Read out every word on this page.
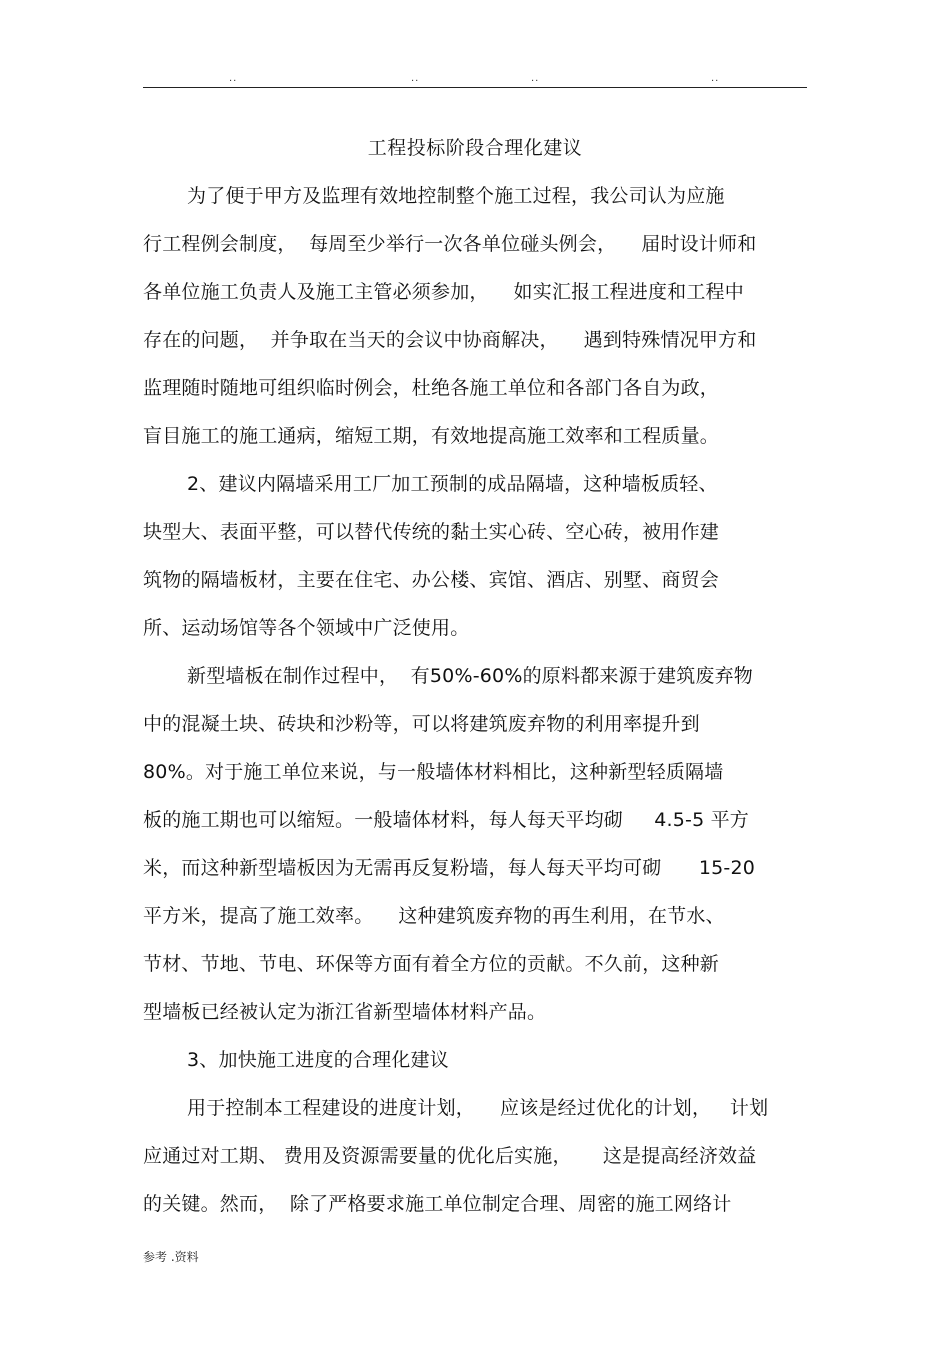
..	..	..	..
工程投标阶段合理化建议
为了便于甲方及监理有效地控制整个施工过程，我公司认为应施
行工程例会制度，  每周至少举行一次各单位碰头例会，    届时设计师和
各单位施工负责人及施工主管必须参加，    如实汇报工程进度和工程中
存在的问题，  并争取在当天的会议中协商解决，    遇到特殊情况甲方和
监理随时随地可组织临时例会，杜绝各施工单位和各部门各自为政，
盲目施工的施工通病，缩短工期，有效地提高施工效率和工程质量。
2、建议内隔墙采用工厂加工预制的成品隔墙，这种墙板质轻、
块型大、表面平整，可以替代传统的黏土实心砖、空心砖，被用作建
筑物的隔墙板材，主要在住宅、办公楼、宾馆、酒店、别墅、商贸会
所、运动场馆等各个领域中广泛使用。
新型墙板在制作过程中，  有50%-60%的原料都来源于建筑废弃物
中的混凝土块、砖块和沙粉等，可以将建筑废弃物的利用率提升到
80%。对于施工单位来说，与一般墙体材料相比，这种新型轻质隔墙
板的施工期也可以缩短。一般墙体材料，每人每天平均砌     4.5-5 平方
米，而这种新型墙板因为无需再反复粉墙，每人每天平均可砌      15-20
平方米，提高了施工效率。    这种建筑废弃物的再生利用，在节水、
节材、节地、节电、环保等方面有着全方位的贡献。不久前，这种新
型墙板已经被认定为浙江省新型墙体材料产品。
3、加快施工进度的合理化建议
用于控制本工程建设的进度计划，    应该是经过优化的计划，   计划
应通过对工期、 费用及资源需要量的优化后实施，     这是提高经济效益
的关键。然而，  除了严格要求施工单位制定合理、周密的施工网络计
参考 .资料
